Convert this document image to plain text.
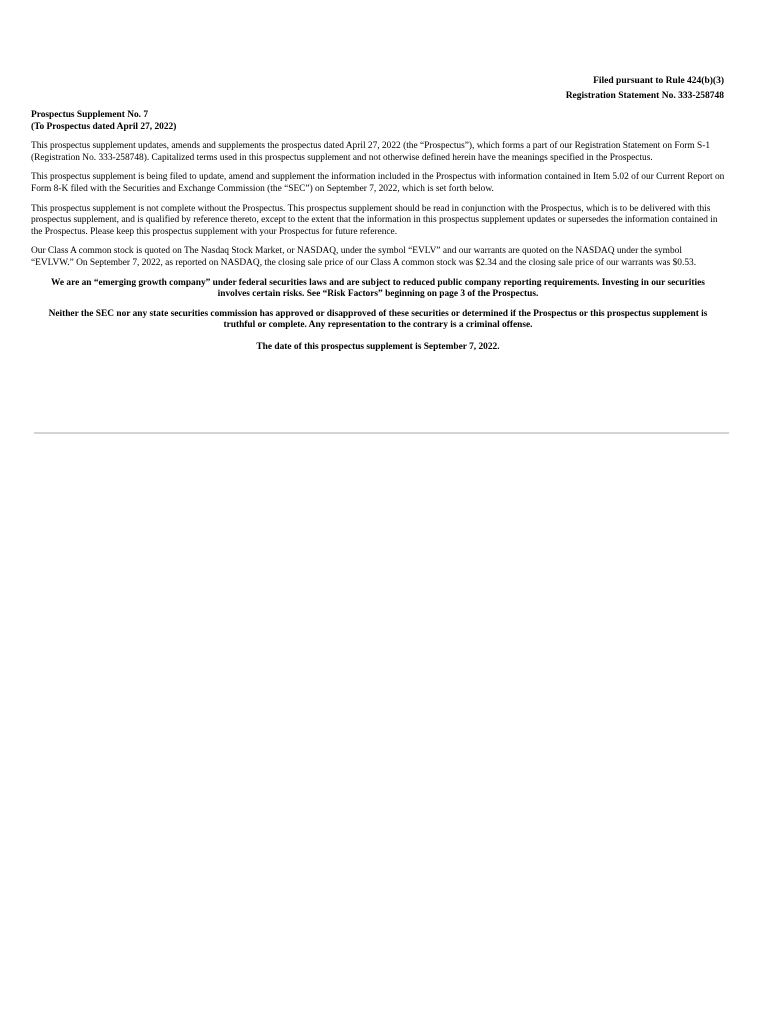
Filed pursuant to Rule 424(b)(3)
Registration Statement No. 333-258748
Prospectus Supplement No. 7
(To Prospectus dated April 27, 2022)

This prospectus supplement updates, amends and supplements the prospectus dated April 27, 2022 (the “Prospectus”), which forms a part of our Registration Statement on Form S-1 (Registration No. 333-258748). Capitalized terms used in this prospectus supplement and not otherwise defined herein have the meanings specified in the Prospectus.

This prospectus supplement is being filed to update, amend and supplement the information included in the Prospectus with information contained in Item 5.02 of our Current Report on Form 8-K filed with the Securities and Exchange Commission (the “SEC”) on September 7, 2022, which is set forth below.

This prospectus supplement is not complete without the Prospectus. This prospectus supplement should be read in conjunction with the Prospectus, which is to be delivered with this prospectus supplement, and is qualified by reference thereto, except to the extent that the information in this prospectus supplement updates or supersedes the information contained in the Prospectus. Please keep this prospectus supplement with your Prospectus for future reference.

Our Class A common stock is quoted on The Nasdaq Stock Market, or NASDAQ, under the symbol “EVLV” and our warrants are quoted on the NASDAQ under the symbol “EVLVW.” On September 7, 2022, as reported on NASDAQ, the closing sale price of our Class A common stock was $2.34 and the closing sale price of our warrants was $0.53.

We are an “emerging growth company” under federal securities laws and are subject to reduced public company reporting requirements. Investing in our securities involves certain risks. See “Risk Factors” beginning on page 3 of the Prospectus.

Neither the SEC nor any state securities commission has approved or disapproved of these securities or determined if the Prospectus or this prospectus supplement is truthful or complete. Any representation to the contrary is a criminal offense.

The date of this prospectus supplement is September 7, 2022.
